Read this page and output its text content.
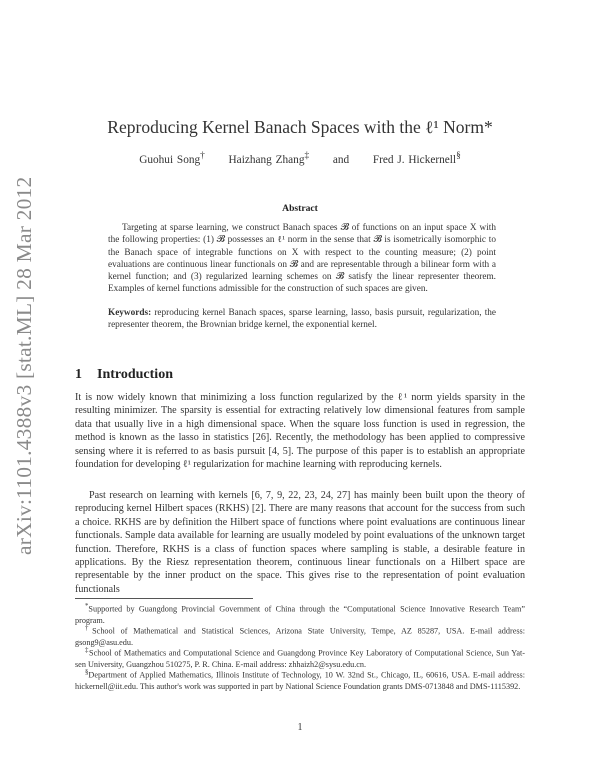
arXiv:1101.4388v3 [stat.ML] 28 Mar 2012
Reproducing Kernel Banach Spaces with the ℓ¹ Norm*
Guohui Song† Haizhang Zhang‡ and Fred J. Hickernell§
Abstract
Targeting at sparse learning, we construct Banach spaces 𝓑 of functions on an input space X with the following properties: (1) 𝓑 possesses an ℓ¹ norm in the sense that 𝓑 is isometrically isomorphic to the Banach space of integrable functions on X with respect to the counting measure; (2) point evaluations are continuous linear functionals on 𝓑 and are representable through a bilinear form with a kernel function; and (3) regularized learning schemes on 𝓑 satisfy the linear representer theorem. Examples of kernel functions admissible for the construction of such spaces are given.
Keywords: reproducing kernel Banach spaces, sparse learning, lasso, basis pursuit, regularization, the representer theorem, the Brownian bridge kernel, the exponential kernel.
1 Introduction
It is now widely known that minimizing a loss function regularized by the ℓ¹ norm yields sparsity in the resulting minimizer. The sparsity is essential for extracting relatively low dimensional features from sample data that usually live in a high dimensional space. When the square loss function is used in regression, the method is known as the lasso in statistics [26]. Recently, the methodology has been applied to compressive sensing where it is referred to as basis pursuit [4, 5]. The purpose of this paper is to establish an appropriate foundation for developing ℓ¹ regularization for machine learning with reproducing kernels.
Past research on learning with kernels [6, 7, 9, 22, 23, 24, 27] has mainly been built upon the theory of reproducing kernel Hilbert spaces (RKHS) [2]. There are many reasons that account for the success from such a choice. RKHS are by definition the Hilbert space of functions where point evaluations are continuous linear functionals. Sample data available for learning are usually modeled by point evaluations of the unknown target function. Therefore, RKHS is a class of function spaces where sampling is stable, a desirable feature in applications. By the Riesz representation theorem, continuous linear functionals on a Hilbert space are representable by the inner product on the space. This gives rise to the representation of point evaluation functionals
*Supported by Guangdong Provincial Government of China through the “Computational Science Innovative Research Team” program.
†School of Mathematical and Statistical Sciences, Arizona State University, Tempe, AZ 85287, USA. E-mail address: gsong9@asu.edu.
‡School of Mathematics and Computational Science and Guangdong Province Key Laboratory of Computational Science, Sun Yat-sen University, Guangzhou 510275, P. R. China. E-mail address: zhhaizh2@sysu.edu.cn.
§Department of Applied Mathematics, Illinois Institute of Technology, 10 W. 32nd St., Chicago, IL, 60616, USA. E-mail address: hickernell@iit.edu. This author's work was supported in part by National Science Foundation grants DMS-0713848 and DMS-1115392.
1
